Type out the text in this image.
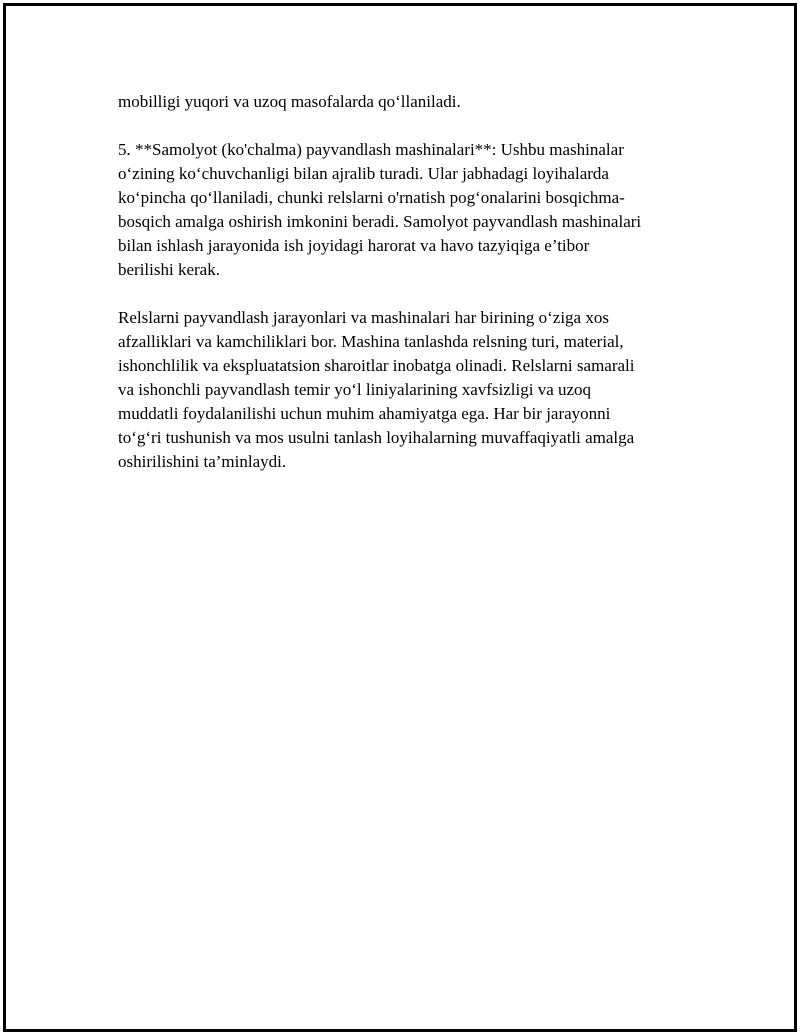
mobilligi yuqori va uzoq masofalarda qo‘llaniladi.

5. **Samolyot (ko'chalma) payvandlash mashinalari**: Ushbu mashinalar
o‘zining ko‘chuvchanligi bilan ajralib turadi. Ular jabhadagi loyihalarda
ko‘pincha qo‘llaniladi, chunki relslarni o'rnatish pog‘onalarini bosqichma-
bosqich amalga oshirish imkonini beradi. Samolyot payvandlash mashinalari
bilan ishlash jarayonida ish joyidagi harorat va havo tazyiqiga e’tibor
berilishi kerak.

Relslarni payvandlash jarayonlari va mashinalari har birining o‘ziga xos
afzalliklari va kamchiliklari bor. Mashina tanlashda relsning turi, material,
ishonchlilik va ekspluatatsion sharoitlar inobatga olinadi. Relslarni samarali
va ishonchli payvandlash temir yo‘l liniyalarining xavfsizligi va uzoq
muddatli foydalanilishi uchun muhim ahamiyatga ega. Har bir jarayonni
to‘g‘ri tushunish va mos usulni tanlash loyihalarning muvaffaqiyatli amalga
oshirilishini ta’minlaydi.
